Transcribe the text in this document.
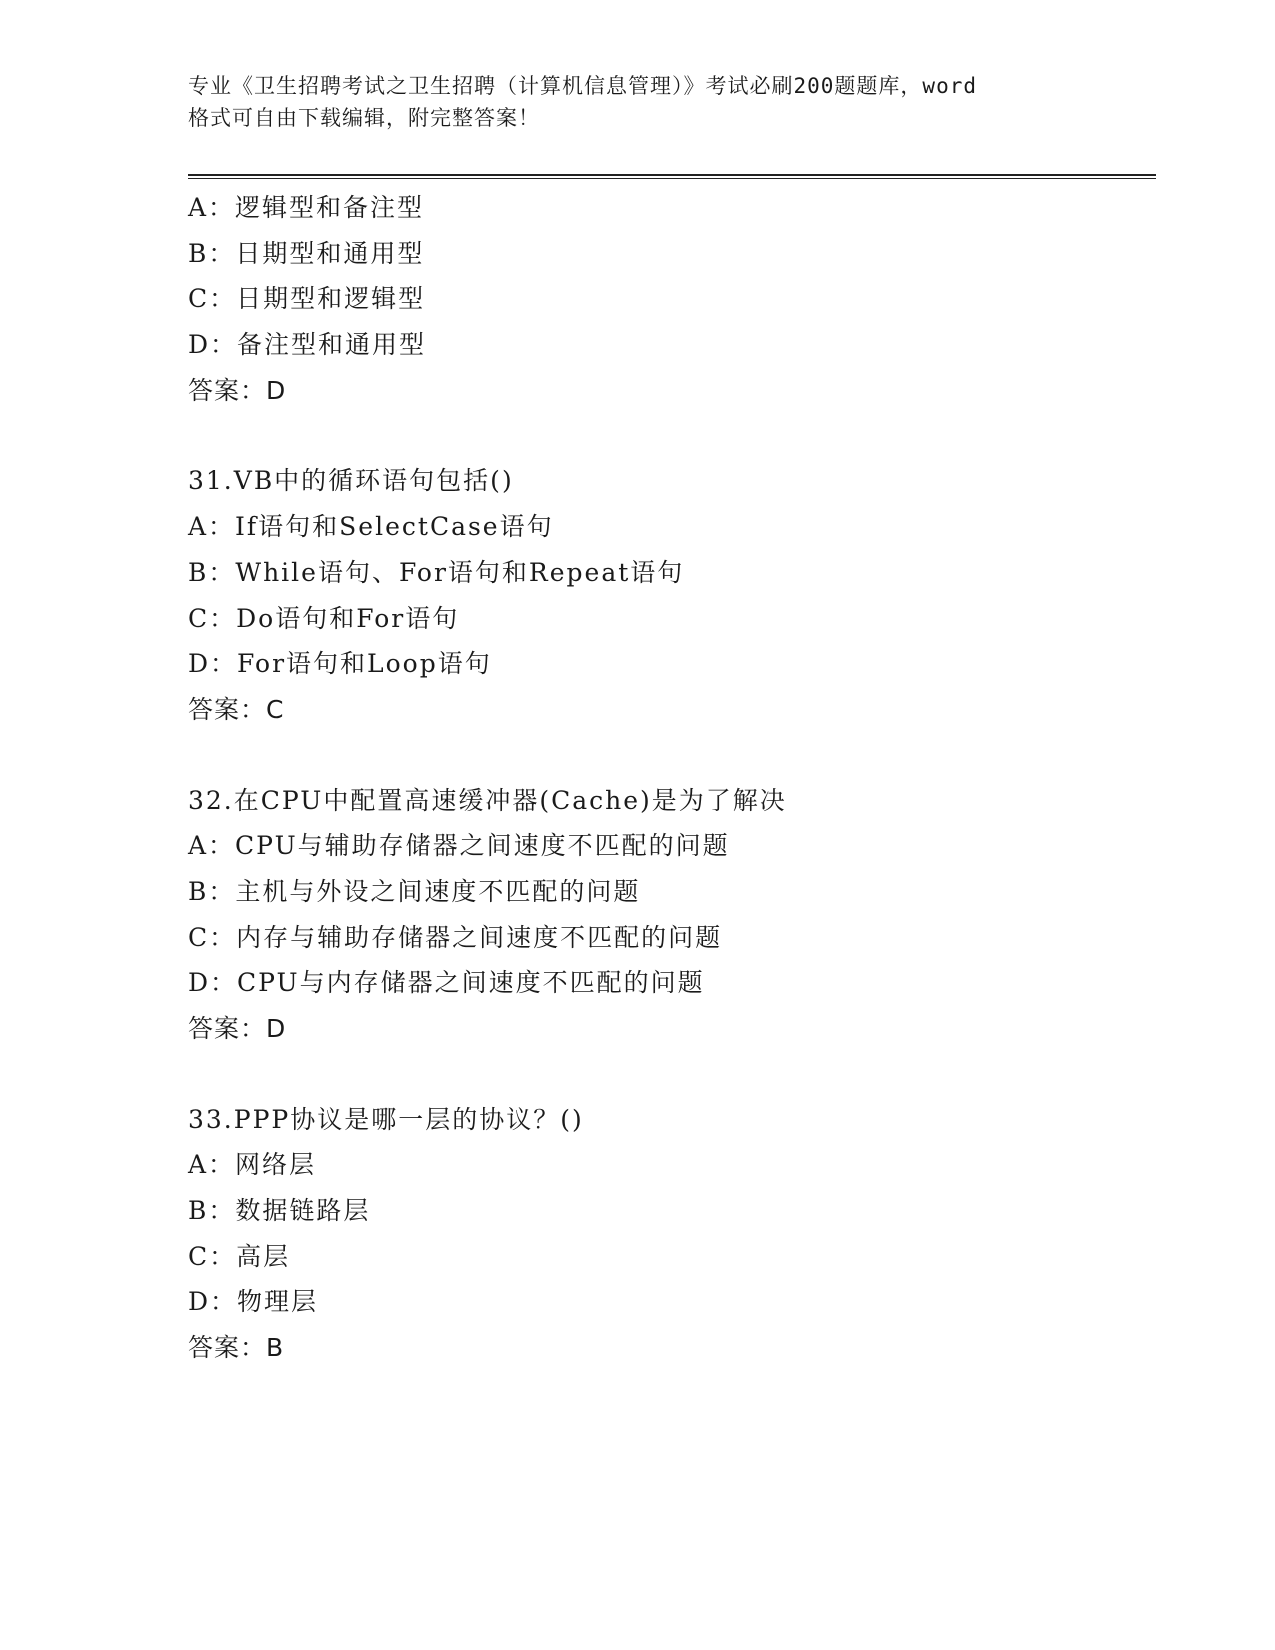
专业《卫生招聘考试之卫生招聘（计算机信息管理）》考试必刷200题题库，word
格式可自由下载编辑，附完整答案！
A：逻辑型和备注型
B：日期型和通用型
C：日期型和逻辑型
D：备注型和通用型
答案：D
31.VB中的循环语句包括()
A：If语句和SelectCase语句
B：While语句、For语句和Repeat语句
C：Do语句和For语句
D：For语句和Loop语句
答案：C
32.在CPU中配置高速缓冲器(Cache)是为了解决
A：CPU与辅助存储器之间速度不匹配的问题
B：主机与外设之间速度不匹配的问题
C：内存与辅助存储器之间速度不匹配的问题
D：CPU与内存储器之间速度不匹配的问题
答案：D
33.PPP协议是哪一层的协议？()
A：网络层
B：数据链路层
C：高层
D：物理层
答案：B
